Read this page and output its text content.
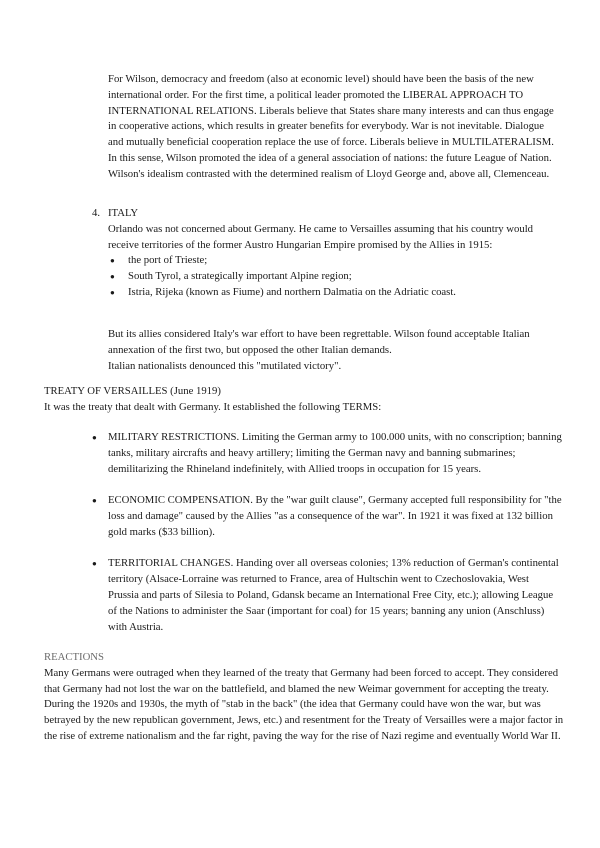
For Wilson, democracy and freedom (also at economic level) should have been the basis of the new international order. For the first time, a political leader promoted the LIBERAL APPROACH TO INTERNATIONAL RELATIONS. Liberals believe that States share many interests and can thus engage in cooperative actions, which results in greater benefits for everybody. War is not inevitable. Dialogue and mutually beneficial cooperation replace the use of force. Liberals believe in MULTILATERALISM. In this sense, Wilson promoted the idea of a general association of nations: the future League of Nation. Wilson's idealism contrasted with the determined realism of Lloyd George and, above all, Clemenceau.

4. ITALY

Orlando was not concerned about Germany. He came to Versailles assuming that his country would receive territories of the former Austro Hungarian Empire promised by the Allies in 1915:

● the port of Trieste;
● South Tyrol, a strategically important Alpine region;
● Istria, Rijeka (known as Fiume) and northern Dalmatia on the Adriatic coast.

But its allies considered Italy's war effort to have been regrettable. Wilson found acceptable Italian annexation of the first two, but opposed the other Italian demands.

Italian nationalists denounced this "mutilated victory".

TREATY OF VERSAILLES (June 1919)

It was the treaty that dealt with Germany. It established the following TERMS:

● MILITARY RESTRICTIONS. Limiting the German army to 100.000 units, with no conscription; banning tanks, military aircrafts and heavy artillery; limiting the German navy and banning submarines; demilitarizing the Rhineland indefinitely, with Allied troops in occupation for 15 years.
● ECONOMIC COMPENSATION. By the "war guilt clause", Germany accepted full responsibility for "the loss and damage" caused by the Allies "as a consequence of the war". In 1921 it was fixed at 132 billion gold marks ($33 billion).
● TERRITORIAL CHANGES. Handing over all overseas colonies; 13% reduction of German's continental territory (Alsace-Lorraine was returned to France, area of Hultschin went to Czechoslovakia, West Prussia and parts of Silesia to Poland, Gdansk became an International Free City, etc.); allowing League of the Nations to administer the Saar (important for coal) for 15 years; banning any union (Anschluss) with Austria.

REACTIONS

Many Germans were outraged when they learned of the treaty that Germany had been forced to accept. They considered that Germany had not lost the war on the battlefield, and blamed the new Weimar government for accepting the treaty.

During the 1920s and 1930s, the myth of "stab in the back" (the idea that Germany could have won the war, but was betrayed by the new republican government, Jews, etc.) and resentment for the Treaty of Versailles were a major factor in the rise of extreme nationalism and the far right, paving the way for the rise of Nazi regime and eventually World War II.
